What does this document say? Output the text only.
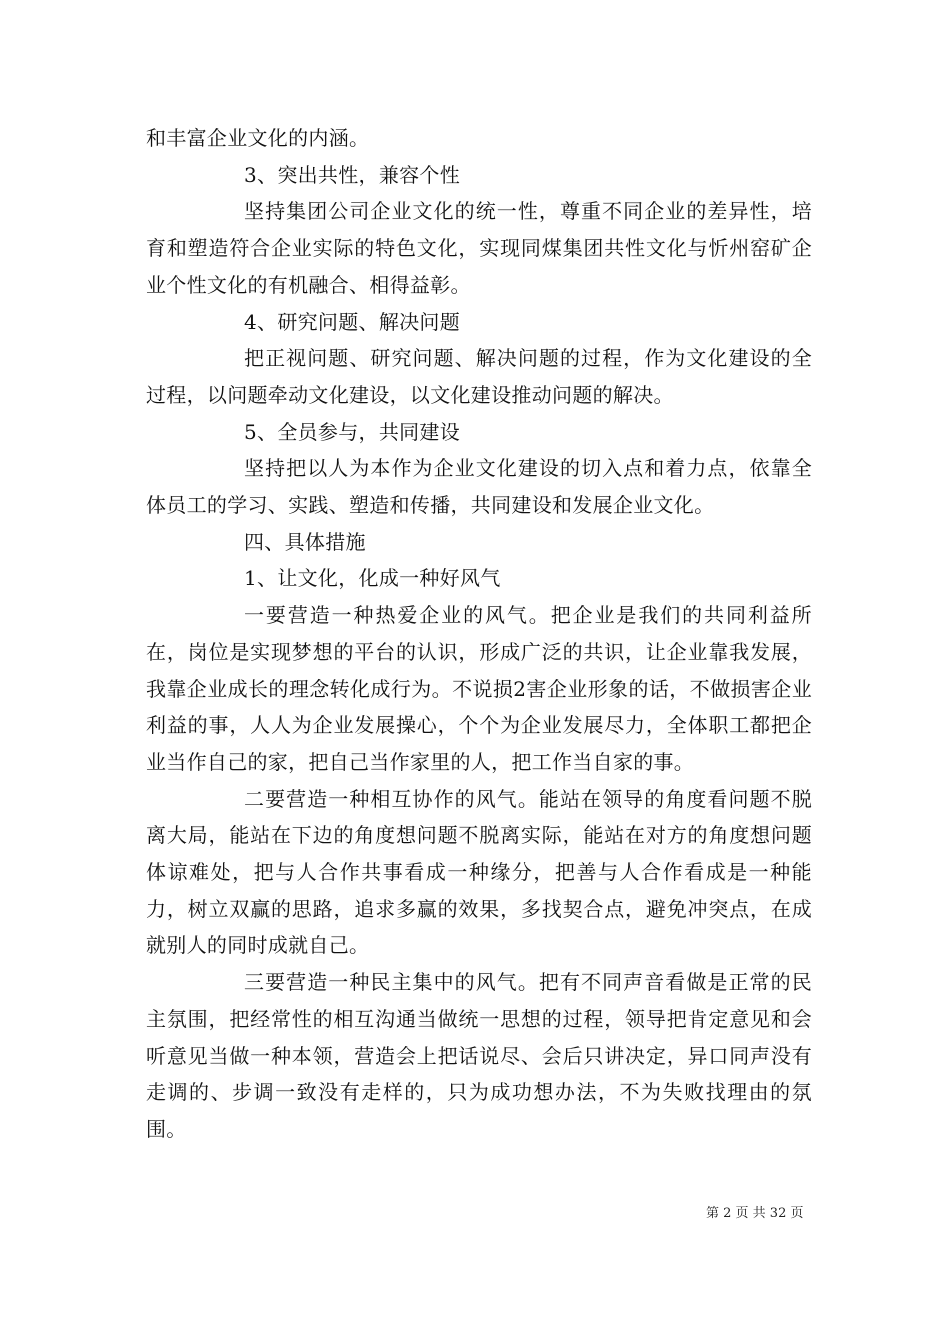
和丰富企业文化的内涵。

3、突出共性，兼容个性

坚持集团公司企业文化的统一性，尊重不同企业的差异性，培育和塑造符合企业实际的特色文化，实现同煤集团共性文化与忻州窑矿企业个性文化的有机融合、相得益彰。

4、研究问题、解决问题

把正视问题、研究问题、解决问题的过程，作为文化建设的全过程，以问题牵动文化建设，以文化建设推动问题的解决。

5、全员参与，共同建设

坚持把以人为本作为企业文化建设的切入点和着力点，依靠全体员工的学习、实践、塑造和传播，共同建设和发展企业文化。

四、具体措施

1、让文化，化成一种好风气

一要营造一种热爱企业的风气。把企业是我们的共同利益所在，岗位是实现梦想的平台的认识，形成广泛的共识，让企业靠我发展，我靠企业成长的理念转化成行为。不说损2害企业形象的话，不做损害企业利益的事，人人为企业发展操心，个个为企业发展尽力，全体职工都把企业当作自己的家，把自己当作家里的人，把工作当自家的事。

二要营造一种相互协作的风气。能站在领导的角度看问题不脱离大局，能站在下边的角度想问题不脱离实际，能站在对方的角度想问题体谅难处，把与人合作共事看成一种缘分，把善与人合作看成是一种能力，树立双赢的思路，追求多赢的效果，多找契合点，避免冲突点，在成就别人的同时成就自己。

三要营造一种民主集中的风气。把有不同声音看做是正常的民主氛围，把经常性的相互沟通当做统一思想的过程，领导把肯定意见和会听意见当做一种本领，营造会上把话说尽、会后只讲决定，异口同声没有走调的、步调一致没有走样的，只为成功想办法，不为失败找理由的氛围。

第 2 页 共 32 页
